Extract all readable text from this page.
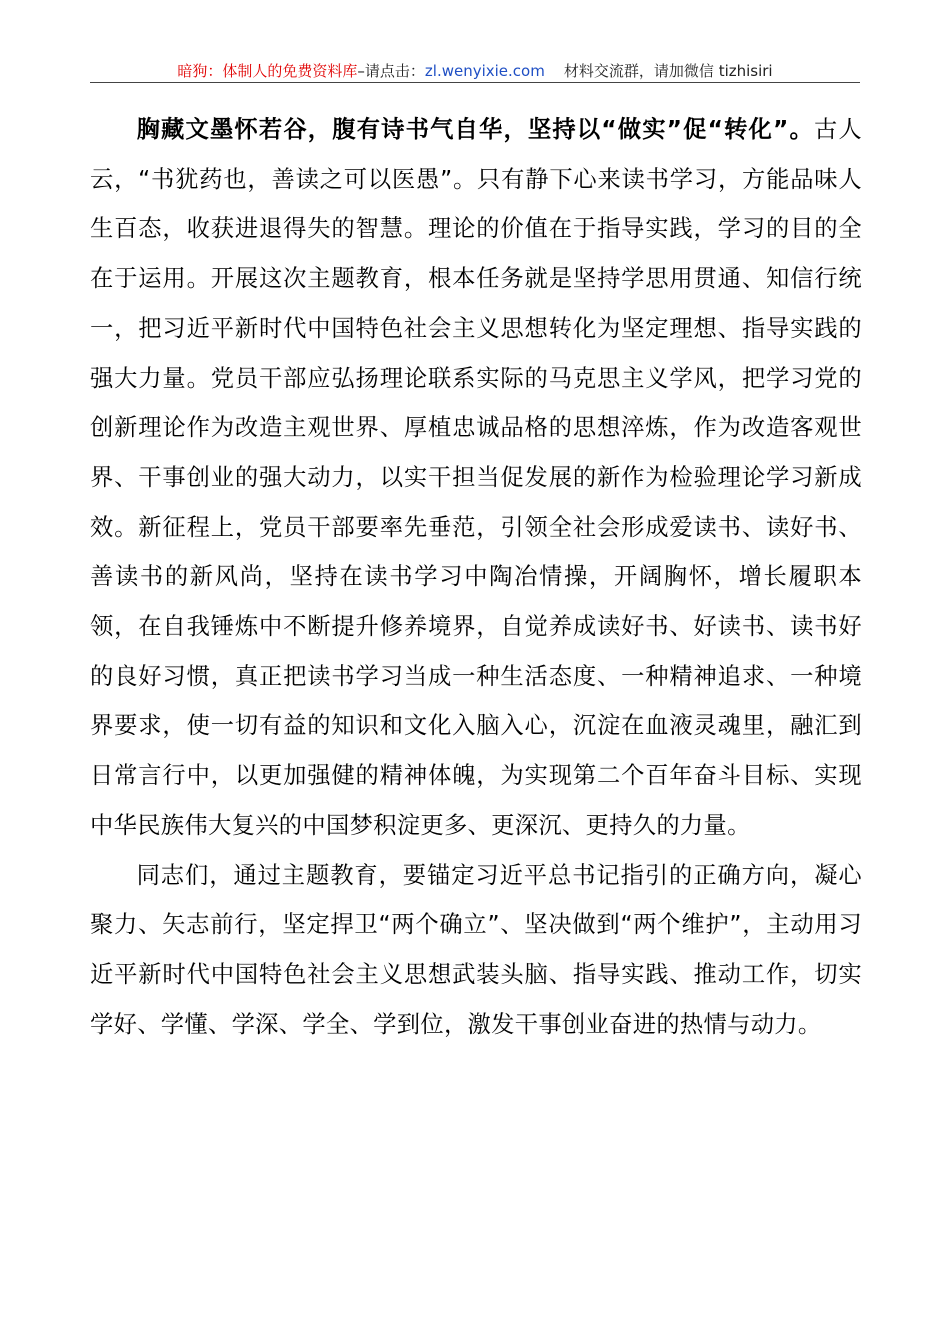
暗狗：体制人的免费资料库–请点击：zl.wenyixie.com 材料交流群，请加微信 tizhisiri

胸藏文墨怀若谷，腹有诗书气自华，坚持以“做实”促“转化”。古人云，“书犹药也，善读之可以医愚”。只有静下心来读书学习，方能品味人生百态，收获进退得失的智慧。理论的价值在于指导实践，学习的目的全在于运用。开展这次主题教育，根本任务就是坚持学思用贯通、知信行统一，把习近平新时代中国特色社会主义思想转化为坚定理想、指导实践的强大力量。党员干部应弘扬理论联系实际的马克思主义学风，把学习党的创新理论作为改造主观世界、厚植忠诚品格的思想淬炼，作为改造客观世界、干事创业的强大动力，以实干担当促发展的新作为检验理论学习新成效。新征程上，党员干部要率先垂范，引领全社会形成爱读书、读好书、善读书的新风尚，坚持在读书学习中陶冶情操，开阔胸怀，增长履职本领，在自我锤炼中不断提升修养境界，自觉养成读好书、好读书、读书好的良好习惯，真正把读书学习当成一种生活态度、一种精神追求、一种境界要求，使一切有益的知识和文化入脑入心，沉淀在血液灵魂里，融汇到日常言行中，以更加强健的精神体魄，为实现第二个百年奋斗目标、实现中华民族伟大复兴的中国梦积淀更多、更深沉、更持久的力量。

同志们，通过主题教育，要锚定习近平总书记指引的正确方向，凝心聚力、矢志前行，坚定捍卫“两个确立”、坚决做到“两个维护”，主动用习近平新时代中国特色社会主义思想武装头脑、指导实践、推动工作，切实学好、学懂、学深、学全、学到位，激发干事创业奋进的热情与动力。
